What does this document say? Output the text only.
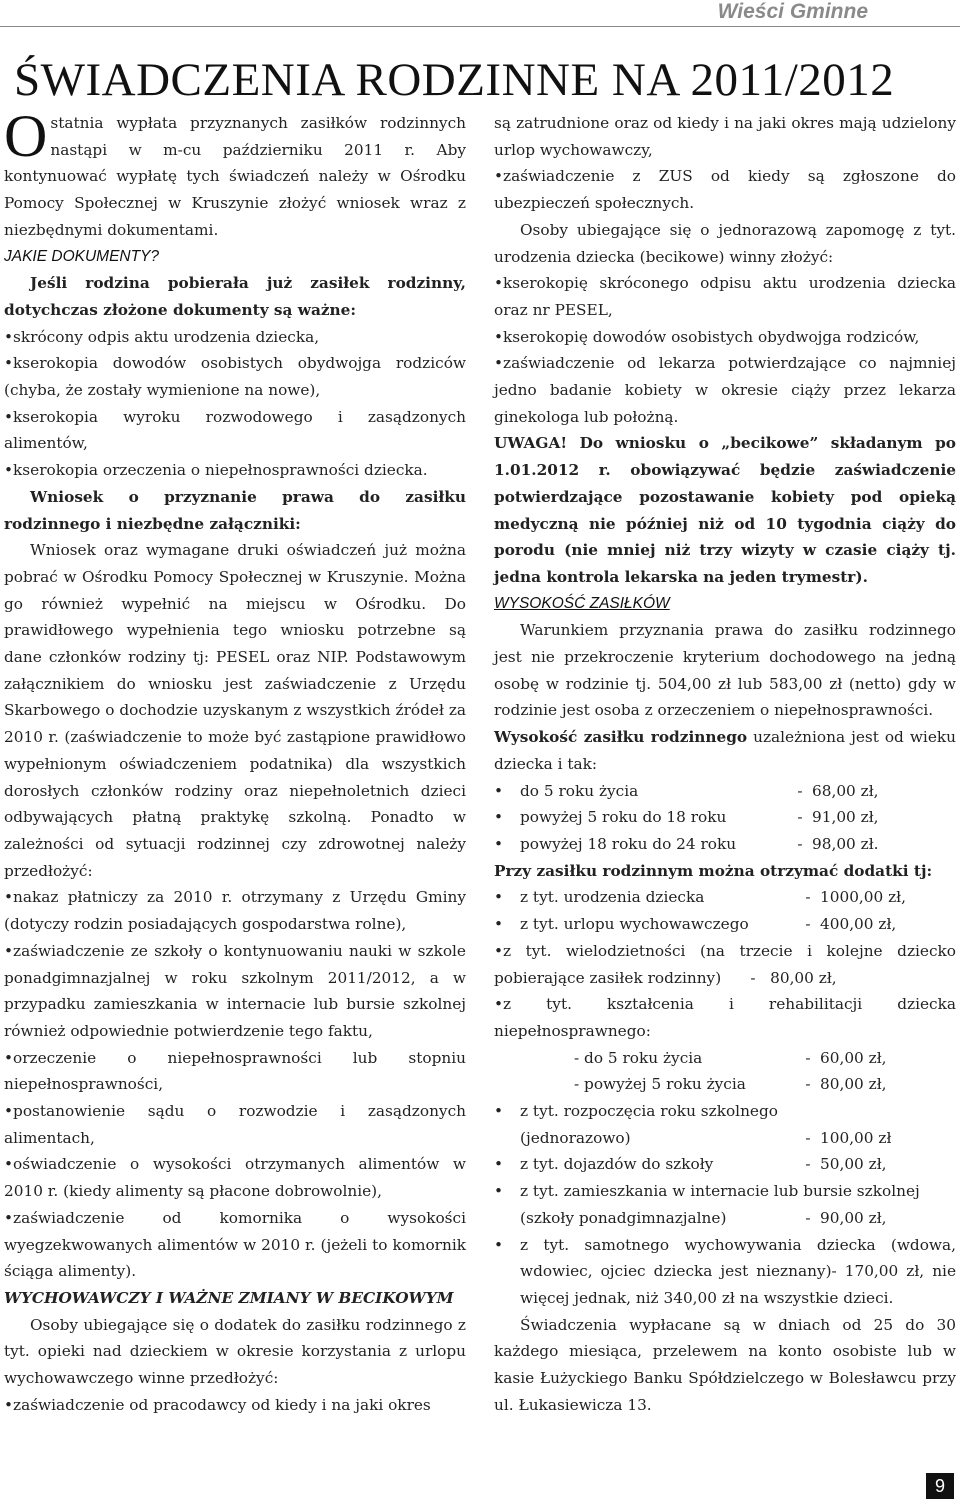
Wieści Gminne
ŚWIADCZENIA RODZINNE NA 2011/2012

Ostatnia wypłata przyznanych zasiłków rodzinnych nastąpi w m-cu październiku 2011 r. Aby kontynuować wypłatę tych świadczeń należy w Ośrodku Pomocy Społecznej w Kruszynie złożyć wniosek wraz z niezbędnymi dokumentami.

JAKIE DOKUMENTY?

Jeśli rodzina pobierała już zasiłek rodzinny, dotychczas złożone dokumenty są ważne:

•skrócony odpis aktu urodzenia dziecka,

•kserokopia dowodów osobistych obydwojga rodziców (chyba, że zostały wymienione na nowe),

•kserokopia wyroku rozwodowego i zasądzonych alimentów,

•kserokopia orzeczenia o niepełnosprawności dziecka.

Wniosek o przyznanie prawa do zasiłku rodzinnego i niezbędne załączniki:

Wniosek oraz wymagane druki oświadczeń już można pobrać w Ośrodku Pomocy Społecznej w Kruszynie. Można go również wypełnić na miejscu w Ośrodku. Do prawidłowego wypełnienia tego wniosku potrzebne są dane członków rodziny tj: PESEL oraz NIP. Podstawowym załącznikiem do wniosku jest zaświadczenie z Urzędu Skarbowego o dochodzie uzyskanym z wszystkich źródeł za 2010 r. (zaświadczenie to może być zastąpione prawidłowo wypełnionym oświadczeniem podatnika) dla wszystkich dorosłych członków rodziny oraz niepełnoletnich dzieci odbywających płatną praktykę szkolną. Ponadto w zależności od sytuacji rodzinnej czy zdrowotnej należy przedłożyć:

•nakaz płatniczy za 2010 r. otrzymany z Urzędu Gminy (dotyczy rodzin posiadających gospodarstwa rolne),

•zaświadczenie ze szkoły o kontynuowaniu nauki w szkole ponadgimnazjalnej w roku szkolnym 2011/2012, a w przypadku zamieszkania w internacie lub bursie szkolnej również odpowiednie potwierdzenie tego faktu,

•orzeczenie o niepełnosprawności lub stopniu niepełnosprawności,

•postanowienie sądu o rozwodzie i zasądzonych alimentach,

•oświadczenie o wysokości otrzymanych alimentów w 2010 r. (kiedy alimenty są płacone dobrowolnie),

•zaświadczenie od komornika o wysokości wyegzekwowanych alimentów w 2010 r. (jeżeli to komornik ściąga alimenty).

WYCHOWAWCZY I WAŻNE ZMIANY W BECIKOWYM

Osoby ubiegające się o dodatek do zasiłku rodzinnego z tyt. opieki nad dzieckiem w okresie korzystania z urlopu wychowawczego winne przedłożyć:

•zaświadczenie od pracodawcy od kiedy i na jaki okres

są zatrudnione oraz od kiedy i na jaki okres mają udzielony urlop wychowawczy,

•zaświadczenie z ZUS od kiedy są zgłoszone do ubezpieczeń społecznych.

Osoby ubiegające się o jednorazową zapomogę z tyt. urodzenia dziecka (becikowe) winny złożyć:

•kserokopię skróconego odpisu aktu urodzenia dziecka oraz nr PESEL,

•kserokopię dowodów osobistych obydwojga rodziców,

•zaświadczenie od lekarza potwierdzające co najmniej jedno badanie kobiety w okresie ciąży przez lekarza ginekologa lub położną.

UWAGA! Do wniosku o „becikowe” składanym po 1.01.2012 r. obowiązywać będzie zaświadczenie potwierdzające pozostawanie kobiety pod opieką medyczną nie później niż od 10 tygodnia ciąży do porodu (nie mniej niż trzy wizyty w czasie ciąży tj. jedna kontrola lekarska na jeden trymestr).

WYSOKOŚĆ ZASIŁKÓW

Warunkiem przyznania prawa do zasiłku rodzinnego jest nie przekroczenie kryterium dochodowego na jedną osobę w rodzinie tj. 504,00 zł lub 583,00 zł (netto) gdy w rodzinie jest osoba z orzeczeniem o niepełnosprawności.

Wysokość zasiłku rodzinnego uzależniona jest od wieku dziecka i tak:

•	do 5 roku życia	- 68,00 zł,
•	powyżej 5 roku do 18 roku	- 91,00 zł,
•	powyżej 18 roku do 24 roku	- 98,00 zł.

Przy zasiłku rodzinnym można otrzymać dodatki tj:

•	z tyt. urodzenia dziecka	- 1000,00 zł,
•	z tyt. urlopu wychowawczego	- 400,00 zł,

•z tyt. wielodzietności (na trzecie i kolejne dziecko pobierające zasiłek rodzinny)      -   80,00 zł,

•z tyt. kształcenia i rehabilitacji dziecka niepełnosprawnego:

- do 5 roku życia	- 60,00 zł,
- powyżej 5 roku życia	- 80,00 zł,
•	z tyt. rozpoczęcia roku szkolnego
(jednorazowo)	- 100,00 zł
•	z tyt. dojazdów do szkoły	- 50,00 zł,
•	z tyt. zamieszkania w internacie lub bursie szkolnej
(szkoły ponadgimnazjalne)	- 90,00 zł,
•	z tyt. samotnego wychowywania dziecka (wdowa, wdowiec, ojciec dziecka jest nieznany)- 170,00 zł, nie więcej jednak, niż 340,00 zł na wszystkie dzieci.

Świadczenia wypłacane są w dniach od 25 do 30 każdego miesiąca, przelewem na konto osobiste lub w kasie Łużyckiego Banku Spółdzielczego w Bolesławcu przy ul. Łukasiewicza 13.

9
